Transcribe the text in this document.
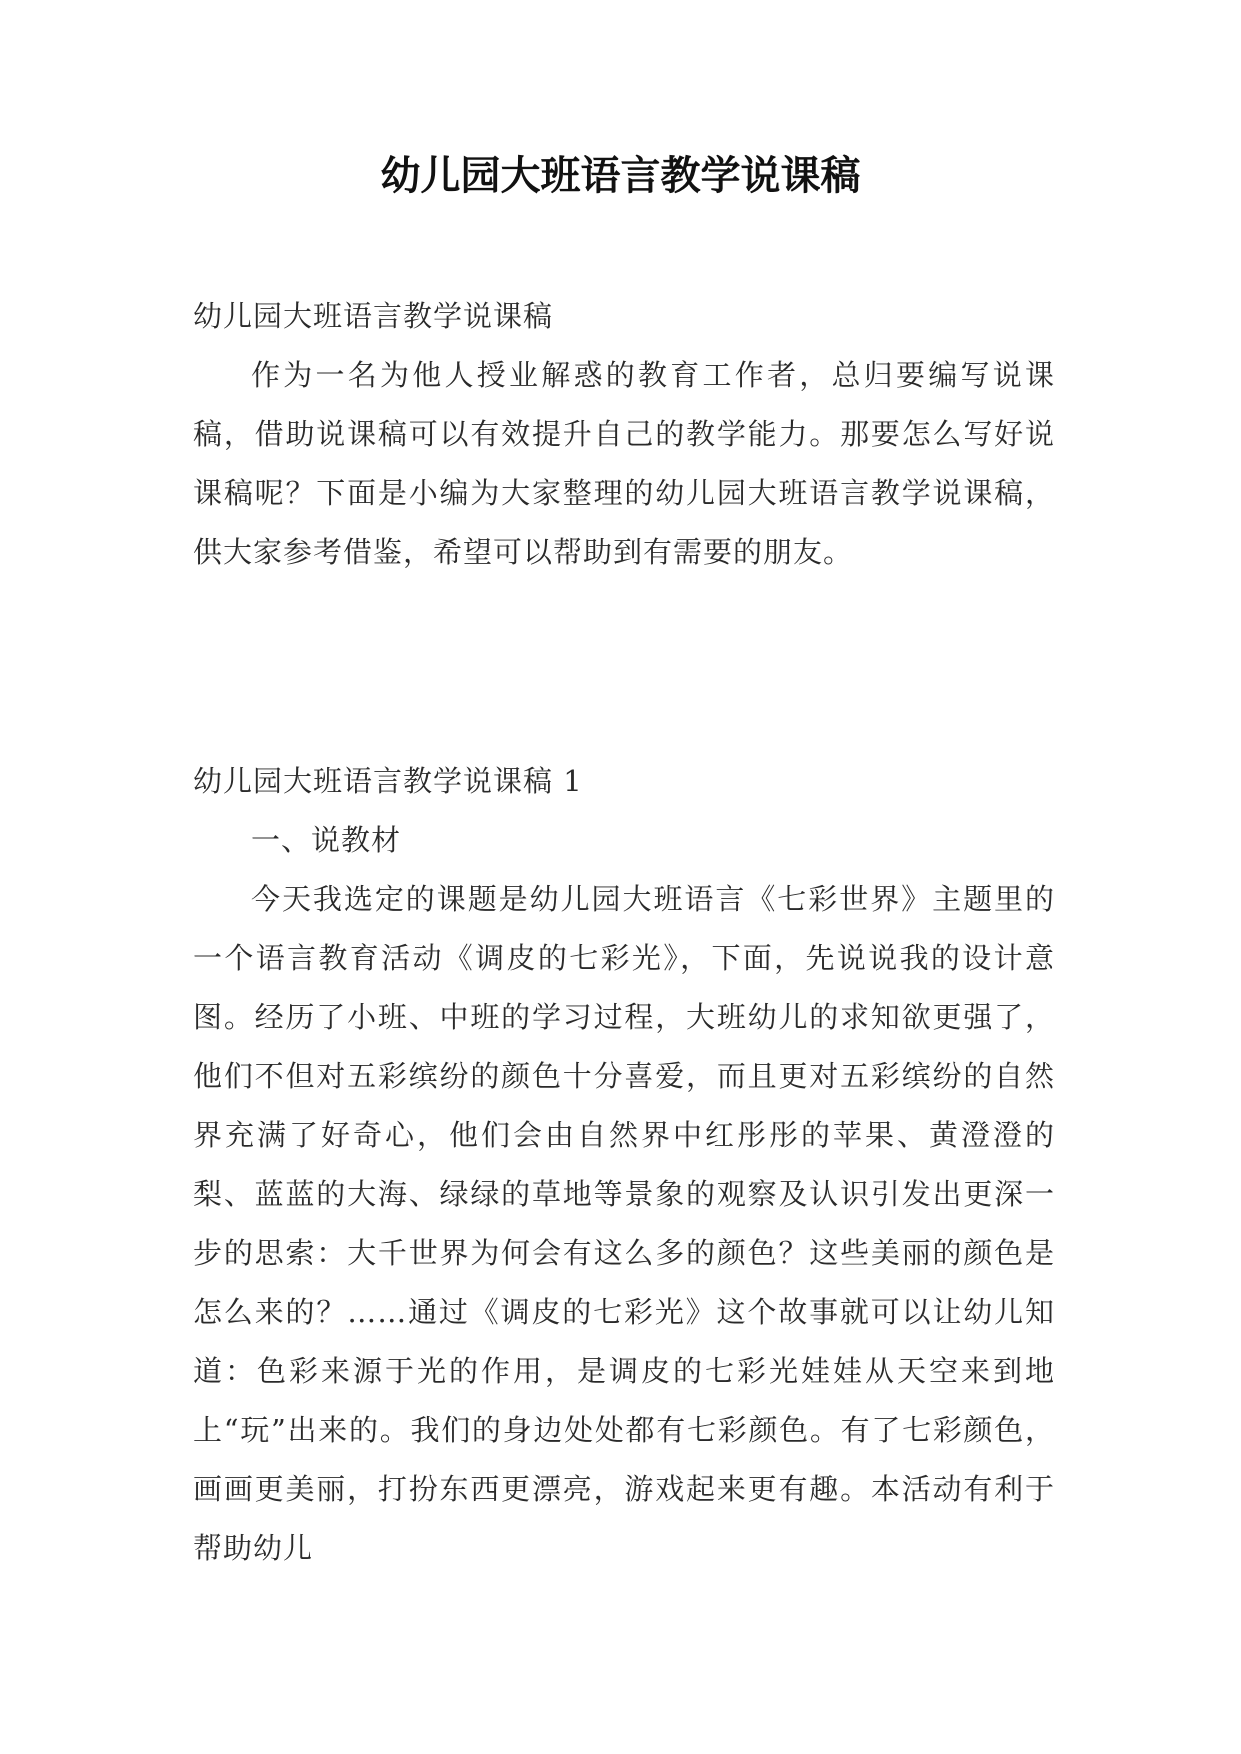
幼儿园大班语言教学说课稿

幼儿园大班语言教学说课稿

作为一名为他人授业解惑的教育工作者，总归要编写说课稿，借助说课稿可以有效提升自己的教学能力。那要怎么写好说课稿呢？下面是小编为大家整理的幼儿园大班语言教学说课稿，供大家参考借鉴，希望可以帮助到有需要的朋友。

幼儿园大班语言教学说课稿 1

一、说教材

今天我选定的课题是幼儿园大班语言《七彩世界》主题里的一个语言教育活动《调皮的七彩光》，下面，先说说我的设计意图。经历了小班、中班的学习过程，大班幼儿的求知欲更强了，他们不但对五彩缤纷的颜色十分喜爱，而且更对五彩缤纷的自然界充满了好奇心，他们会由自然界中红彤彤的苹果、黄澄澄的梨、蓝蓝的大海、绿绿的草地等景象的观察及认识引发出更深一步的思索：大千世界为何会有这么多的颜色？这些美丽的颜色是怎么来的？……通过《调皮的七彩光》这个故事就可以让幼儿知道：色彩来源于光的作用，是调皮的七彩光娃娃从天空来到地上“玩”出来的。我们的身边处处都有七彩颜色。有了七彩颜色，画画更美丽，打扮东西更漂亮，游戏起来更有趣。本活动有利于帮助幼儿
